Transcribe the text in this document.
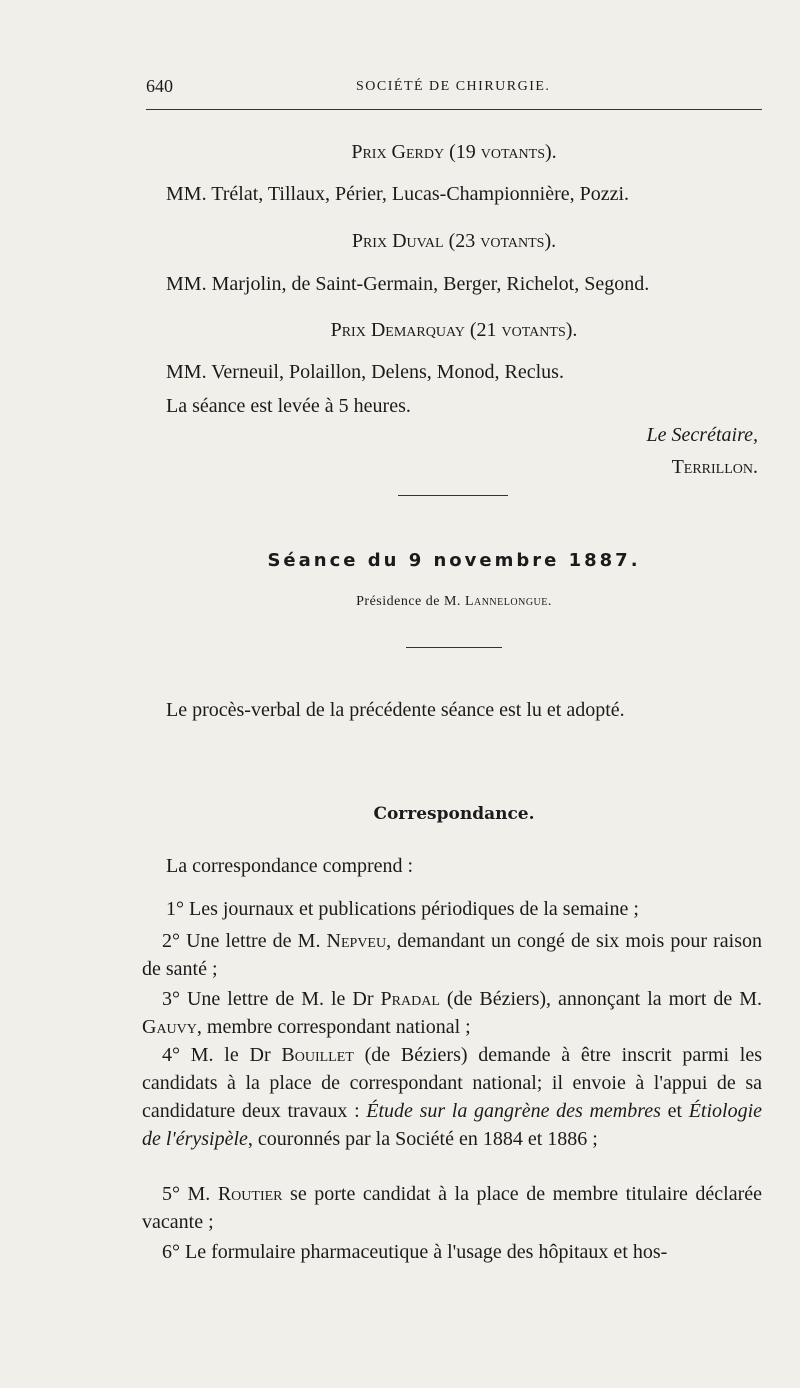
640	SOCIÉTÉ DE CHIRURGIE.
Prix Gerdy (19 votants).
MM. Trélat, Tillaux, Périer, Lucas-Championnière, Pozzi.
Prix Duval (23 votants).
MM. Marjolin, de Saint-Germain, Berger, Richelot, Segond.
Prix Demarquay (21 votants).
MM. Verneuil, Polaillon, Delens, Monod, Reclus.
La séance est levée à 5 heures.
Le Secrétaire,
Terrillon.
Séance du 9 novembre 1887.
Présidence de M. Lannelongue.
Le procès-verbal de la précédente séance est lu et adopté.
Correspondance.
La correspondance comprend :
1° Les journaux et publications périodiques de la semaine ;
2° Une lettre de M. Nepveu, demandant un congé de six mois pour raison de santé ;
3° Une lettre de M. le Dr Pradal (de Béziers), annonçant la mort de M. Gauvy, membre correspondant national ;
4° M. le Dr Bouillet (de Béziers) demande à être inscrit parmi les candidats à la place de correspondant national; il envoie à l'appui de sa candidature deux travaux : Étude sur la gangrène des membres et Étiologie de l'érysipèle, couronnés par la Société en 1884 et 1886 ;
5° M. Routier se porte candidat à la place de membre titulaire déclarée vacante ;
6° Le formulaire pharmaceutique à l'usage des hôpitaux et hos-
